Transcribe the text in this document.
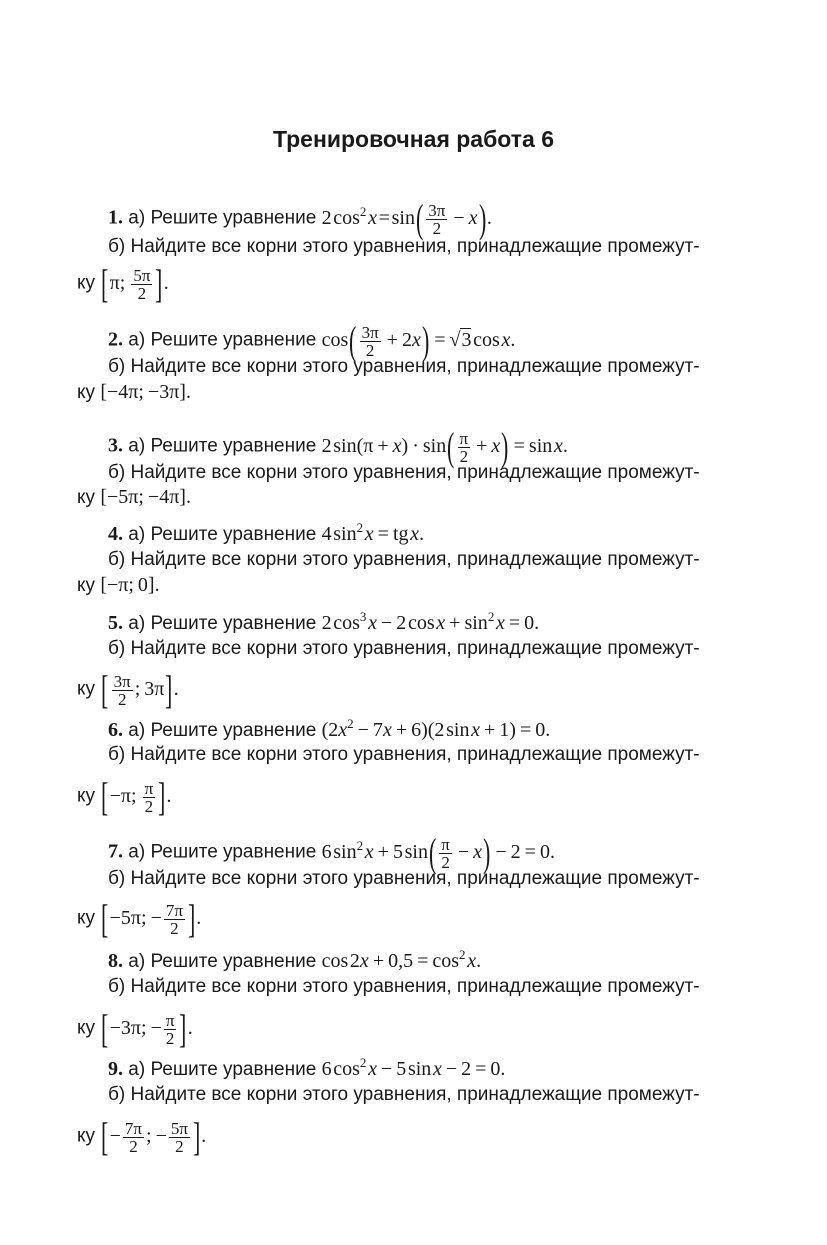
Тренировочная работа 6
1. а) Решите уравнение 2 $\cos^2$ x = $\sin( \frac{3\pi}{2} - x)$.
б) Найдите все корни этого уравнения, принадлежащие промежут-
ку [π;  $\frac{5\pi}{2}$ ].
2. а) Решите уравнение $\cos( \frac{3\pi}{2} + 2x) = √3$ cos x.
б) Найдите все корни этого уравнения, принадлежащие промежут-
ку [−4π; −3π].
3. а) Решите уравнение 2 $\sin(\pi + x) \cdot \sin( \frac{\pi}{2} + x) = \sin$ x.
б) Найдите все корни этого уравнения, принадлежащие промежут-
ку [−5π; −4π].
4. а) Решите уравнение 4 $\sin^2$ x = tg x.
б) Найдите все корни этого уравнения, принадлежащие промежут-
ку [−π; 0].
5. а) Решите уравнение 2 $\cos^3$ x − 2 cos $x + \sin^2$ x = 0.
б) Найдите все корни этого уравнения, принадлежащие промежут-
ку [ $\frac{3\pi}{2}$ ; 3π].
6. а) Решите уравнение $(2x^2 - 7x + 6)(2$ sin x + 1) = 0.
б) Найдите все корни этого уравнения, принадлежащие промежут-
ку [−π;  $\frac{\pi}{2}$ ].
7. а) Решите уравнение 6 $\sin^2$ x + 5 $\sin( \frac{\pi}{2} - x) - 2 = 0$.
б) Найдите все корни этого уравнения, принадлежащие промежут-
ку [−5π; − $\frac{7\pi}{2}$ ].
8. а) Решите уравнение cos $2x + 0,5 = \cos^2$ x.
б) Найдите все корни этого уравнения, принадлежащие промежут-
ку [−3π; − $\frac{\pi}{2}$ ].
9. а) Решите уравнение 6 $\cos^2$ x − 5 sin x − 2 = 0.
б) Найдите все корни этого уравнения, принадлежащие промежут-
ку [− $\frac{7\pi}{2}$ ; − $\frac{5\pi}{2}$ ].
